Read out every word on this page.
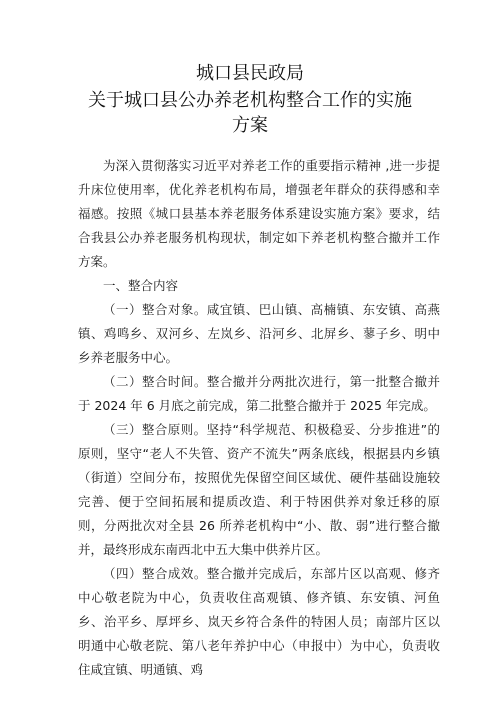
城口县民政局
关于城口县公办养老机构整合工作的实施
方案

为深入贯彻落实习近平对养老工作的重要指示精神 ,进一步提升床位使用率，优化养老机构布局，增强老年群众的获得感和幸福感。按照《城口县基本养老服务体系建设实施方案》要求，结合我县公办养老服务机构现状，制定如下养老机构整合撤并工作方案。

一、整合内容

（一）整合对象。咸宜镇、巴山镇、高楠镇、东安镇、高燕镇、鸡鸣乡、双河乡、左岚乡、沿河乡、北屏乡、蓼子乡、明中乡养老服务中心。

（二）整合时间。整合撤并分两批次进行，第一批整合撤并于 2024 年 6 月底之前完成，第二批整合撤并于 2025 年完成。

（三）整合原则。坚持“科学规范、积极稳妥、分步推进”的原则，坚守“老人不失管、资产不流失”两条底线，根据县内乡镇（街道）空间分布，按照优先保留空间区域优、硬件基础设施较完善、便于空间拓展和提质改造、利于特困供养对象迁移的原则，分两批次对全县 26 所养老机构中“小、散、弱”进行整合撤并，最终形成东南西北中五大集中供养片区。

（四）整合成效。整合撤并完成后，东部片区以高观、修齐中心敬老院为中心，负责收住高观镇、修齐镇、东安镇、河鱼乡、治平乡、厚坪乡、岚天乡符合条件的特困人员；南部片区以明通中心敬老院、第八老年养护中心（申报中）为中心，负责收住咸宜镇、明通镇、鸡
